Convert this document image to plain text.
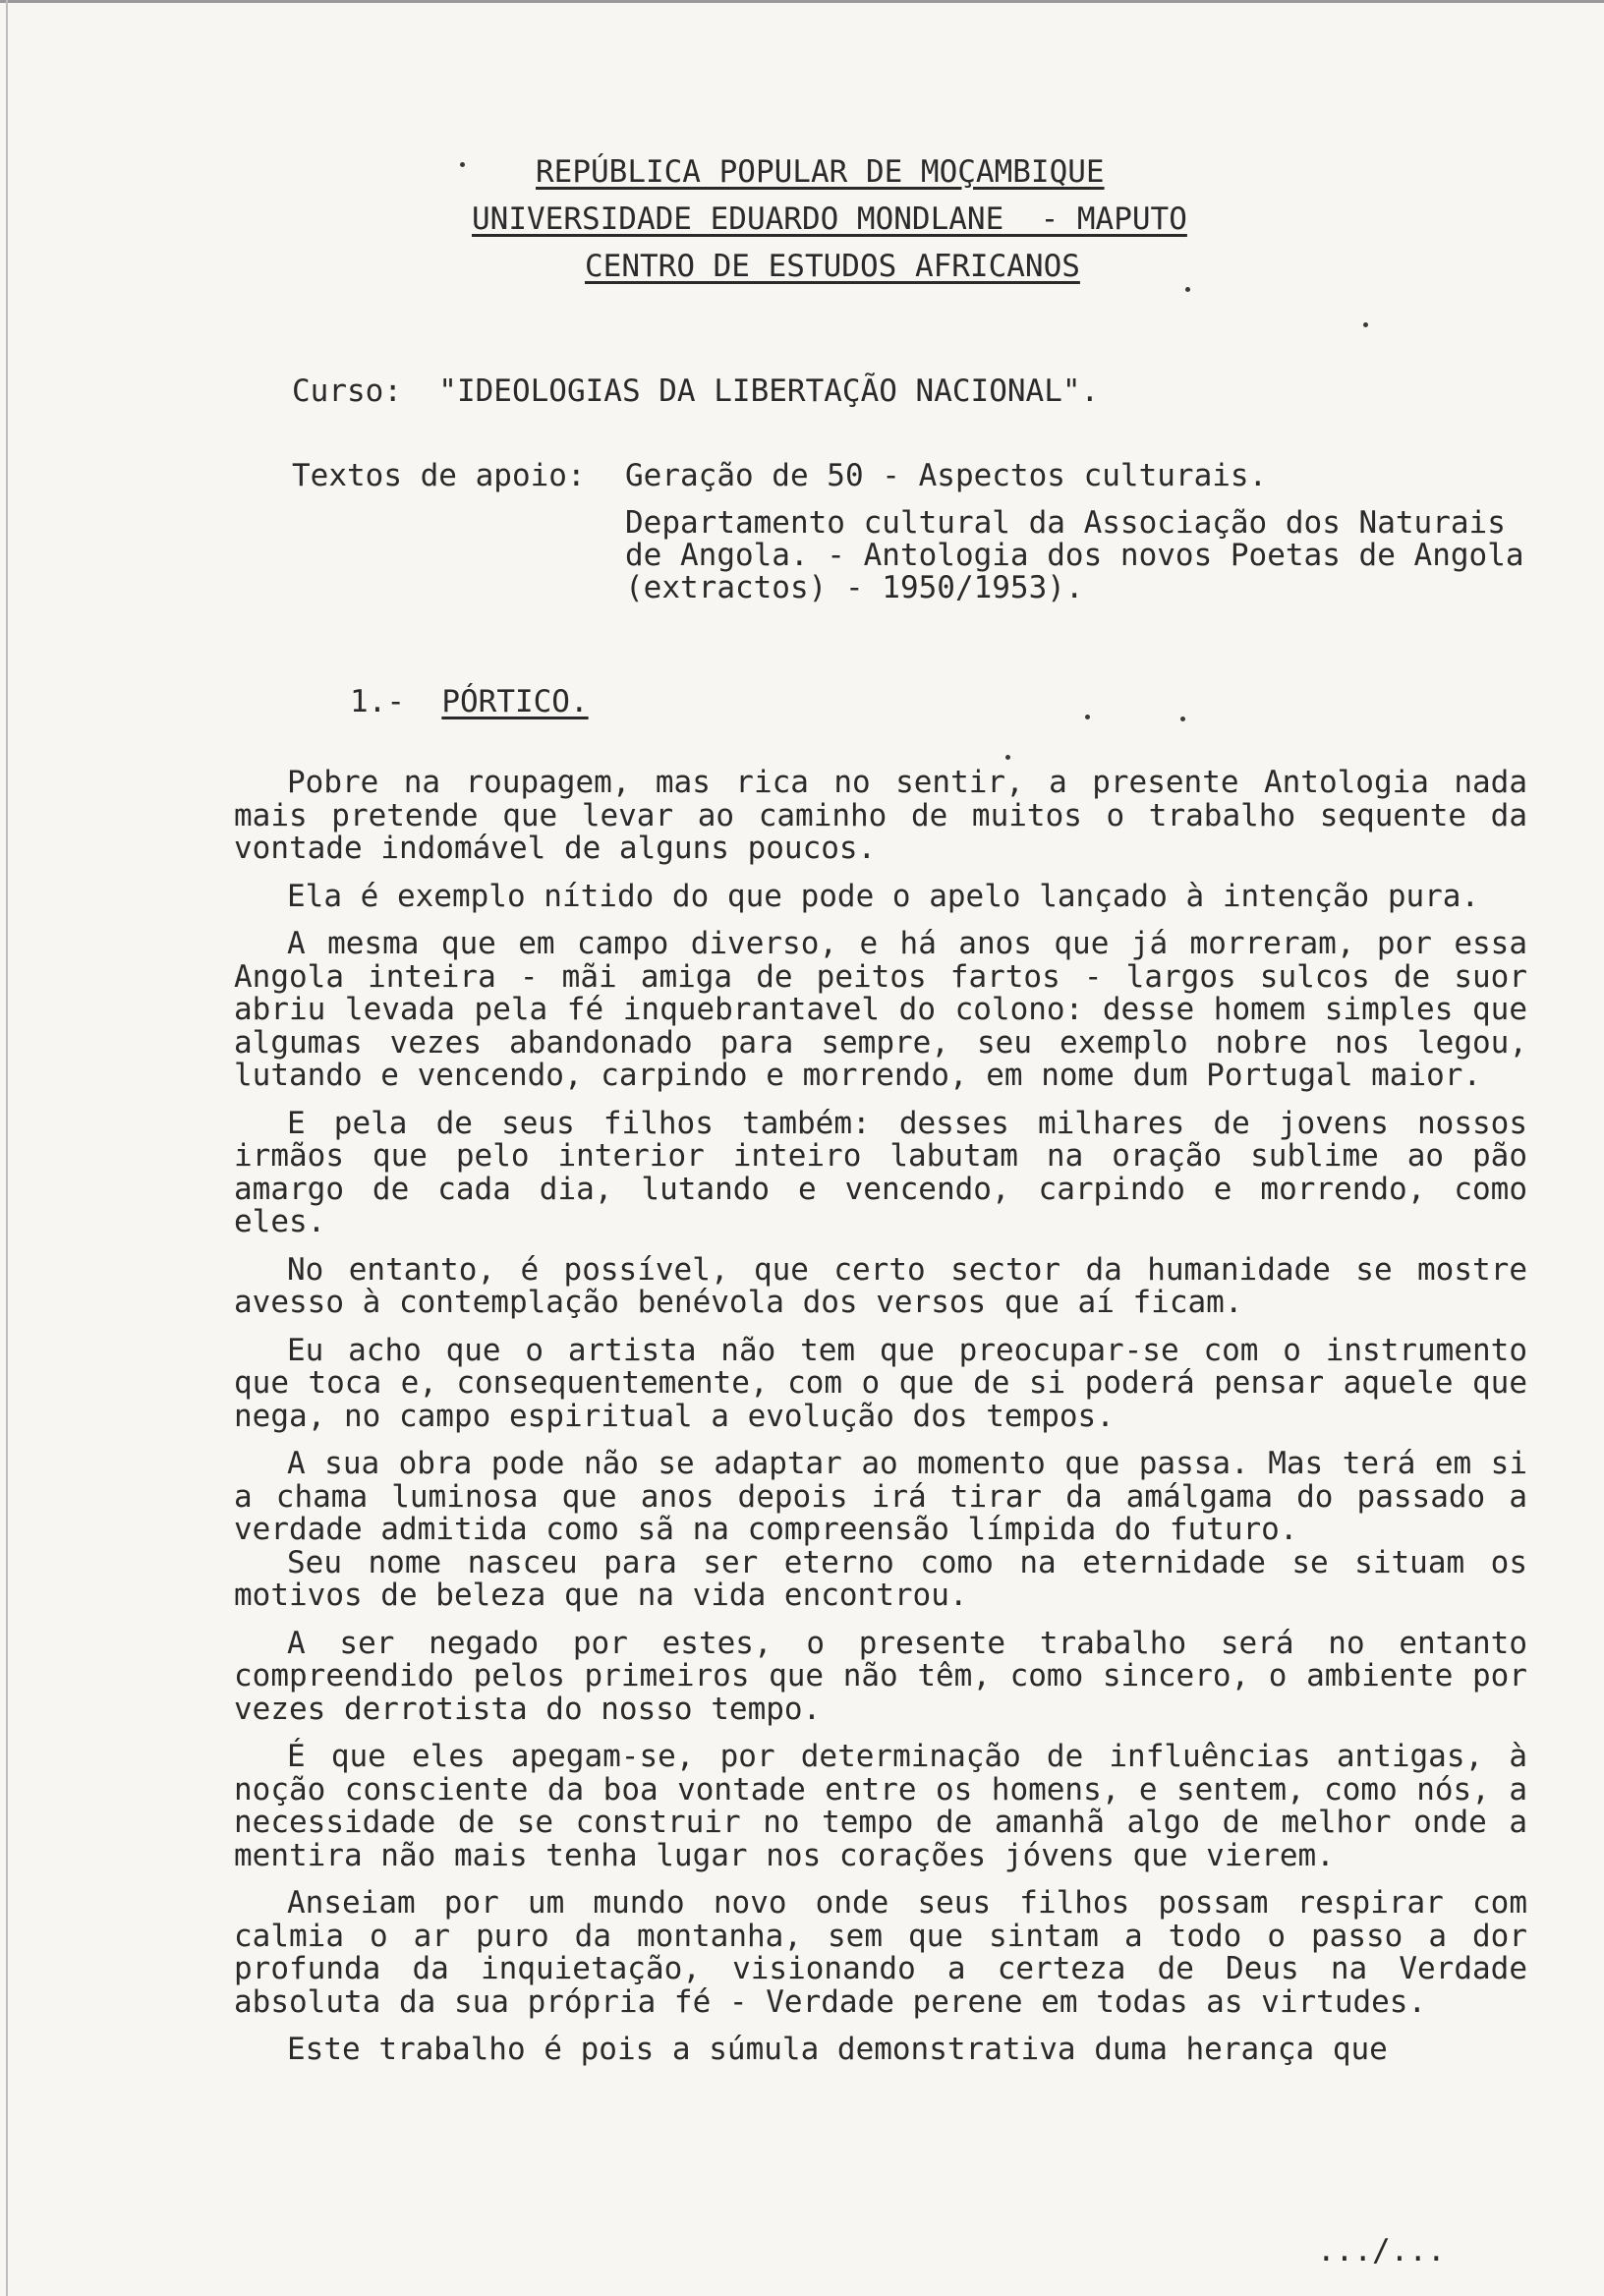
REPÚBLICA POPULAR DE MOÇAMBIQUE
UNIVERSIDADE EDUARDO MONDLANE  - MAPUTO
CENTRO DE ESTUDOS AFRICANOS
Curso:  "IDEOLOGIAS DA LIBERTAÇÃO NACIONAL".
Textos de apoio: Geração de 50 - Aspectos culturais.
Departamento cultural da Associação dos Naturais de Angola. - Antologia dos novos Poetas de Angola (extractos) - 1950/1953).
1.- PÓRTICO.

Pobre na roupagem, mas rica no sentir, a presente Antologia nada mais pretende que levar ao caminho de muitos o trabalho sequente da vontade indomável de alguns poucos.

Ela é exemplo nítido do que pode o apelo lançado à intenção pura.

A mesma que em campo diverso, e há anos que já morreram, por essa Angola inteira - mãi amiga de peitos fartos - largos sulcos de suor abriu levada pela fé inquebrantavel do colono: desse homem simples que algumas vezes abandonado para sempre, seu exemplo nobre nos legou, lutando e vencendo, carpindo e morrendo, em nome dum Portugal maior.

E pela de seus filhos também: desses milhares de jovens nossos irmãos que pelo interior inteiro labutam na oração sublime ao pão amargo de cada dia, lutando e vencendo, carpindo e morrendo, como eles.

No entanto, é possível, que certo sector da humanidade se mostre avesso à contemplação benévola dos versos que aí ficam.

Eu acho que o artista não tem que preocupar-se com o instrumento que toca e, consequentemente, com o que de si poderá pensar aquele que nega, no campo espiritual a evolução dos tempos.

A sua obra pode não se adaptar ao momento que passa. Mas terá em si a chama luminosa que anos depois irá tirar da amálgama do passado a verdade admitida como sã na compreensão límpida do futuro.

Seu nome nasceu para ser eterno como na eternidade se situam os motivos de beleza que na vida encontrou.

A ser negado por estes, o presente trabalho será no entanto compreendido pelos primeiros que não têm, como sincero, o ambiente por vezes derrotista do nosso tempo.

É que eles apegam-se, por determinação de influências antigas, à noção consciente da boa vontade entre os homens, e sentem, como nós, a necessidade de se construir no tempo de amanhã algo de melhor onde a mentira não mais tenha lugar nos corações jóvens que vierem.

Anseiam por um mundo novo onde seus filhos possam respirar com calmia o ar puro da montanha, sem que sintam a todo o passo a dor profunda da inquietação, visionando a certeza de Deus na Verdade absoluta da sua própria fé - Verdade perene em todas as virtudes.

Este trabalho é pois a súmula demonstrativa duma herança que

.../...
